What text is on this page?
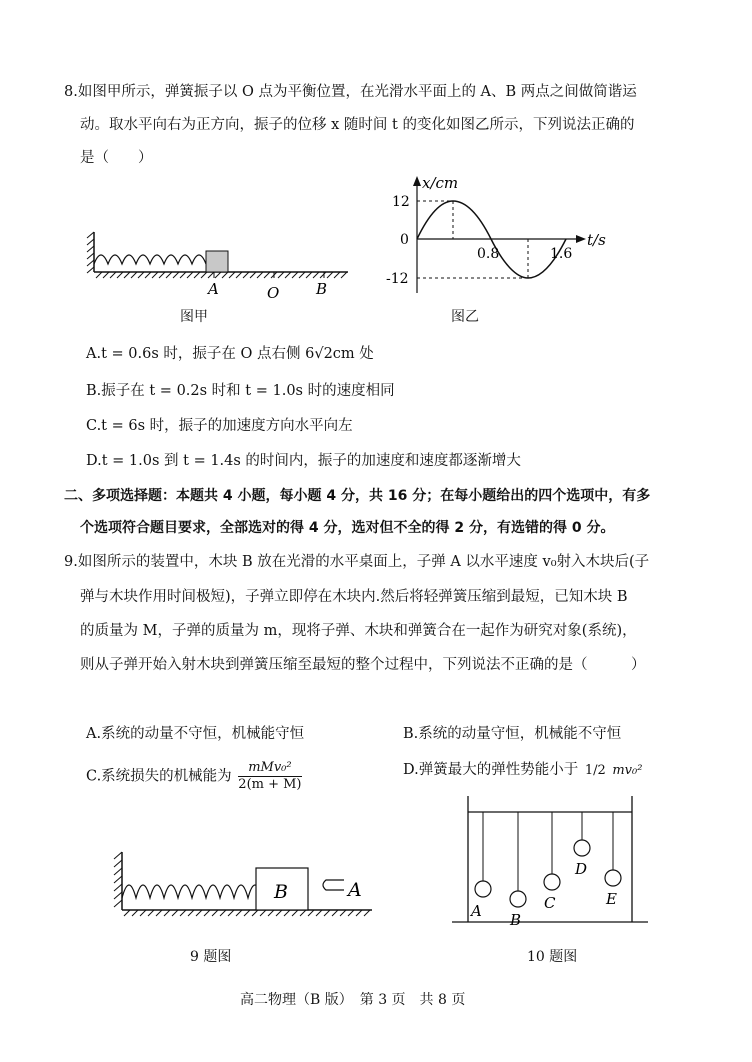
8.如图甲所示，弹簧振子以 O 点为平衡位置，在光滑水平面上的 A、B 两点之间做简谐运
动。取水平向右为正方向，振子的位移 x 随时间 t 的变化如图乙所示，下列说法正确的
是（　　）
A	O B
图甲
x/cm
t/s
12
0
-12
0.8	1.6
图乙
A.t = 0.6s 时，振子在 O 点右侧 6√2cm 处
B.振子在 t = 0.2s 时和 t = 1.0s 时的速度相同
C.t = 6s 时，振子的加速度方向水平向左
D.t = 1.0s 到 t = 1.4s 的时间内，振子的加速度和速度都逐渐增大
二、多项选择题：本题共 4 小题，每小题 4 分，共 16 分；在每小题给出的四个选项中，有多
个选项符合题目要求，全部选对的得 4 分，选对但不全的得 2 分，有选错的得 0 分。
9.如图所示的装置中，木块 B 放在光滑的水平桌面上，子弹 A 以水平速度 v₀射入木块后(子
弹与木块作用时间极短)，子弹立即停在木块内.然后将轻弹簧压缩到最短，已知木块 B
的质量为 M，子弹的质量为 m，现将子弹、木块和弹簧合在一起作为研究对象(系统)，
则从子弹开始入射木块到弹簧压缩至最短的整个过程中，下列说法不正确的是（　　　）
A.系统的动量不守恒，机械能守恒	B.系统的动量守恒，机械能不守恒
C.系统损失的机械能为
mMv₀²
2(m + M)
D.弹簧最大的弹性势能小于 1/2 mv₀²
B	A
9 题图
A B
C
D
E
10 题图
高二物理（B 版）　第 3 页　共 8 页
